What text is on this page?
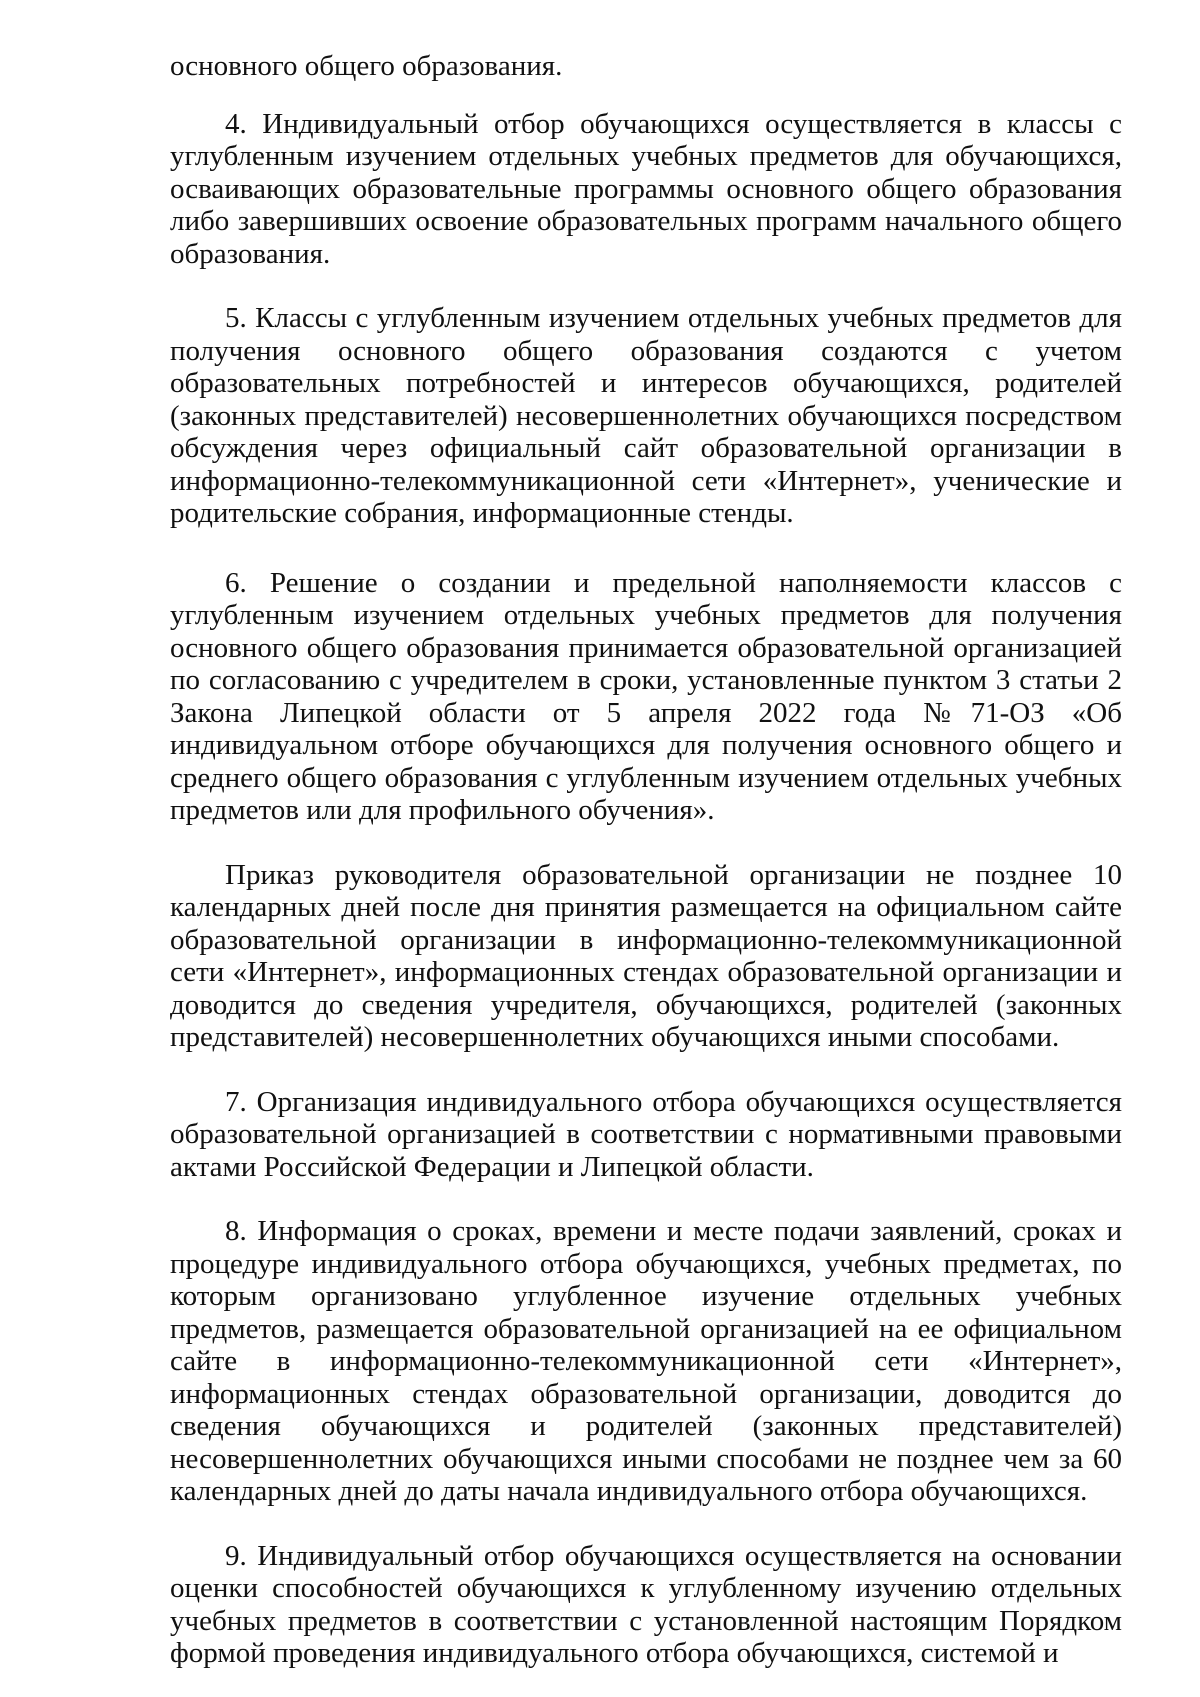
основного общего образования.

4. Индивидуальный отбор обучающихся осуществляется в классы с углубленным изучением отдельных учебных предметов для обучающихся, осваивающих образовательные программы основного общего образования либо завершивших освоение образовательных программ начального общего образования.

5. Классы с углубленным изучением отдельных учебных предметов для получения основного общего образования создаются с учетом образовательных потребностей и интересов обучающихся, родителей (законных представителей) несовершеннолетних обучающихся посредством обсуждения через официальный сайт образовательной организации в информационно-телекоммуникационной сети «Интернет», ученические и родительские собрания, информационные стенды.

6. Решение о создании и предельной наполняемости классов с углубленным изучением отдельных учебных предметов для получения основного общего образования принимается образовательной организацией по согласованию с учредителем в сроки, установленные пунктом 3 статьи 2 Закона Липецкой области от 5 апреля 2022 года №71-ОЗ «Об индивидуальном отборе обучающихся для получения основного общего и среднего общего образования с углубленным изучением отдельных учебных предметов или для профильного обучения».

Приказ руководителя образовательной организации не позднее 10 календарных дней после дня принятия размещается на официальном сайте образовательной организации в информационно-телекоммуникационной сети «Интернет», информационных стендах образовательной организации и доводится до сведения учредителя, обучающихся, родителей (законных представителей) несовершеннолетних обучающихся иными способами.

7. Организация индивидуального отбора обучающихся осуществляется образовательной организацией в соответствии с нормативными правовыми актами Российской Федерации и Липецкой области.

8. Информация о сроках, времени и месте подачи заявлений, сроках и процедуре индивидуального отбора обучающихся, учебных предметах, по которым организовано углубленное изучение отдельных учебных предметов, размещается образовательной организацией на ее официальном сайте в информационно-телекоммуникационной сети «Интернет», информационных стендах образовательной организации, доводится до сведения обучающихся и родителей (законных представителей) несовершеннолетних обучающихся иными способами не позднее чем за 60 календарных дней до даты начала индивидуального отбора обучающихся.

9. Индивидуальный отбор обучающихся осуществляется на основании оценки способностей обучающихся к углубленному изучению отдельных учебных предметов в соответствии с установленной настоящим Порядком формой проведения индивидуального отбора обучающихся, системой и
